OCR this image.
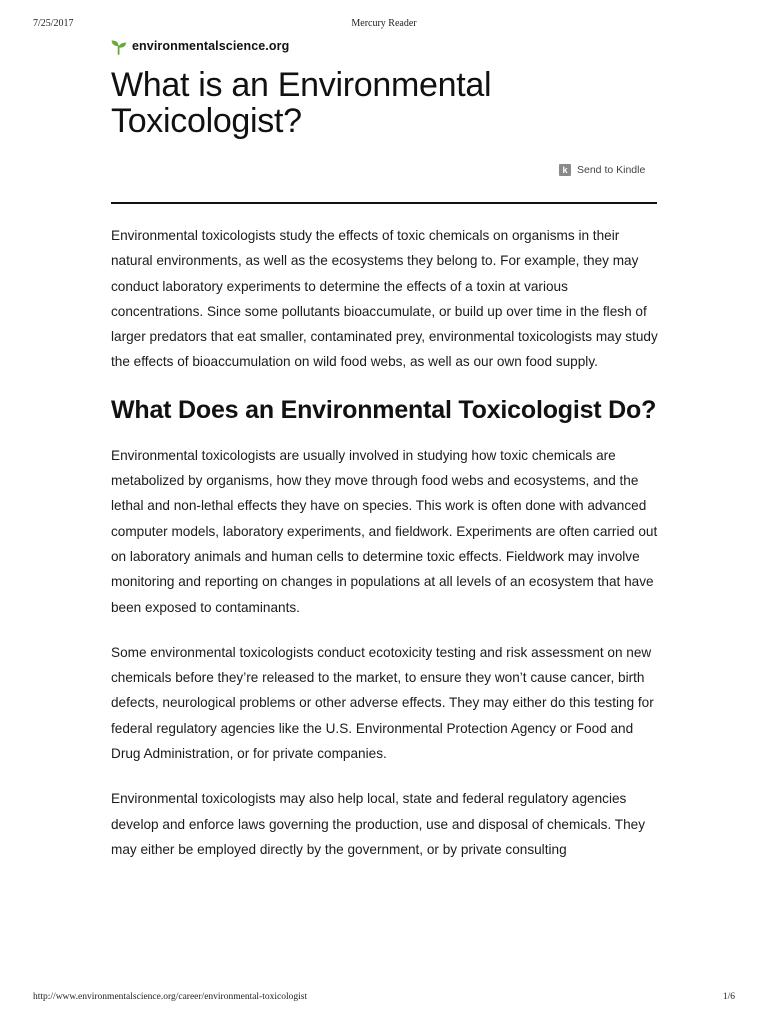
7/25/2017	Mercury Reader
environmentalscience.org
What is an Environmental Toxicologist?
k Send to Kindle

Environmental toxicologists study the effects of toxic chemicals on organisms in their natural environments, as well as the ecosystems they belong to. For example, they may conduct laboratory experiments to determine the effects of a toxin at various concentrations. Since some pollutants bioaccumulate, or build up over time in the flesh of larger predators that eat smaller, contaminated prey, environmental toxicologists may study the effects of bioaccumulation on wild food webs, as well as our own food supply.

What Does an Environmental Toxicologist Do?

Environmental toxicologists are usually involved in studying how toxic chemicals are metabolized by organisms, how they move through food webs and ecosystems, and the lethal and non-lethal effects they have on species. This work is often done with advanced computer models, laboratory experiments, and fieldwork. Experiments are often carried out on laboratory animals and human cells to determine toxic effects. Fieldwork may involve monitoring and reporting on changes in populations at all levels of an ecosystem that have been exposed to contaminants.

Some environmental toxicologists conduct ecotoxicity testing and risk assessment on new chemicals before they’re released to the market, to ensure they won’t cause cancer, birth defects, neurological problems or other adverse effects. They may either do this testing for federal regulatory agencies like the U.S. Environmental Protection Agency or Food and Drug Administration, or for private companies.

Environmental toxicologists may also help local, state and federal regulatory agencies develop and enforce laws governing the production, use and disposal of chemicals. They may either be employed directly by the government, or by private consulting

http://www.environmentalscience.org/career/environmental-toxicologist	1/6
